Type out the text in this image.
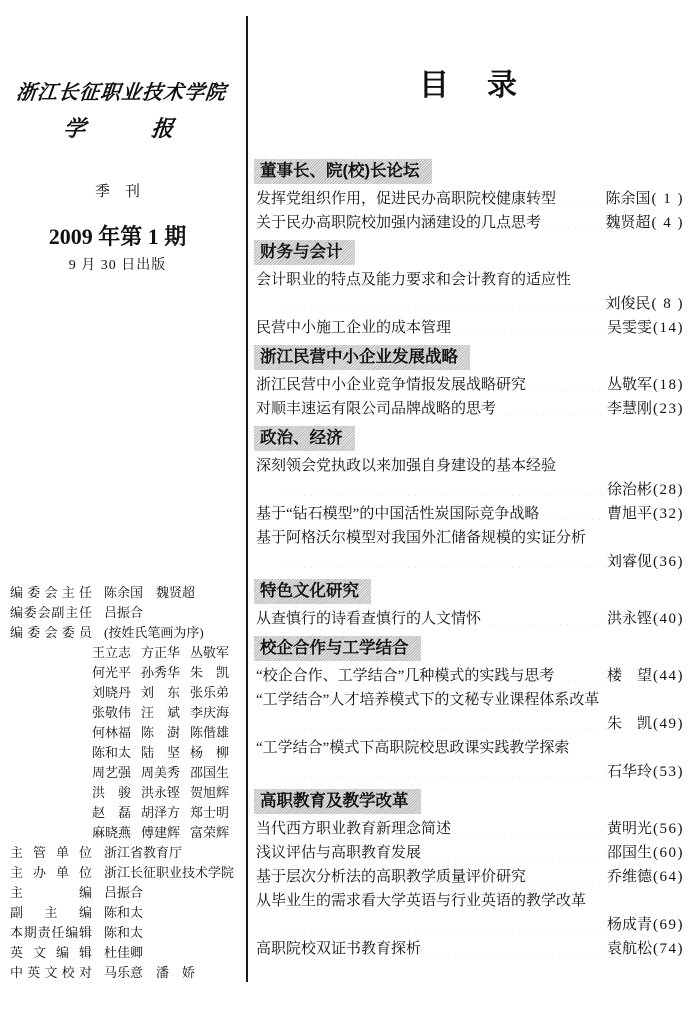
浙江长征职业技术学院
学　　　报
季　刊
2009 年第 1 期
9 月 30 日出版
编委会主任 陈余国　魏贤超
编委会副主任 吕振合
编委会委员 (按姓氏笔画为序)
王立志 方正华 丛敬军
何光平 孙秀华 朱　凯
刘晓丹 刘　东 张乐弟
张敬伟 汪　斌 李庆海
何林福 陈　澍 陈偕雄
陈和太 陆　坚 杨　柳
周艺强 周美秀 邵国生
洪　骏 洪永铿 贺旭辉
赵　磊 胡泽方 郑士明
麻晓燕 傅建辉 富荣辉
主管单位 浙江省教育厅
主办单位 浙江长征职业技术学院
主编 吕振合
副主编 陈和太
本期责任编辑 陈和太
英文编辑 杜佳卿
中英文校对 马乐意　潘　娇
目　录
董事长、院(校)长论坛
发挥党组织作用，促进民办高职院校健康转型	陈余国 ( 1 )
关于民办高职院校加强内涵建设的几点思考	魏贤超 ( 4 )
财务与会计
会计职业的特点及能力要求和会计教育的适应性
刘俊民 ( 8 )
民营中小施工企业的成本管理	吴雯雯 (14)
浙江民营中小企业发展战略
浙江民营中小企业竞争情报发展战略研究	丛敬军 (18)
对顺丰速运有限公司品牌战略的思考	李慧刚 (23)
政治、经济
深刻领会党执政以来加强自身建设的基本经验
徐治彬 (28)
基于“钻石模型”的中国活性炭国际竞争战略	曹旭平 (32)
基于阿格沃尔模型对我国外汇储备规模的实证分析
刘睿伣 (36)
特色文化研究
从查慎行的诗看查慎行的人文情怀	洪永铿 (40)
校企合作与工学结合
“校企合作、工学结合”几种模式的实践与思考	楼　望 (44)
“工学结合”人才培养模式下的文秘专业课程体系改革
朱　凯 (49)
“工学结合”模式下高职院校思政课实践教学探索
石华玲 (53)
高职教育及教学改革
当代西方职业教育新理念简述	黄明光 (56)
浅议评估与高职教育发展	邵国生 (60)
基于层次分析法的高职教学质量评价研究	乔维德 (64)
从毕业生的需求看大学英语与行业英语的教学改革
杨成青 (69)
高职院校双证书教育探析	袁航松 (74)
